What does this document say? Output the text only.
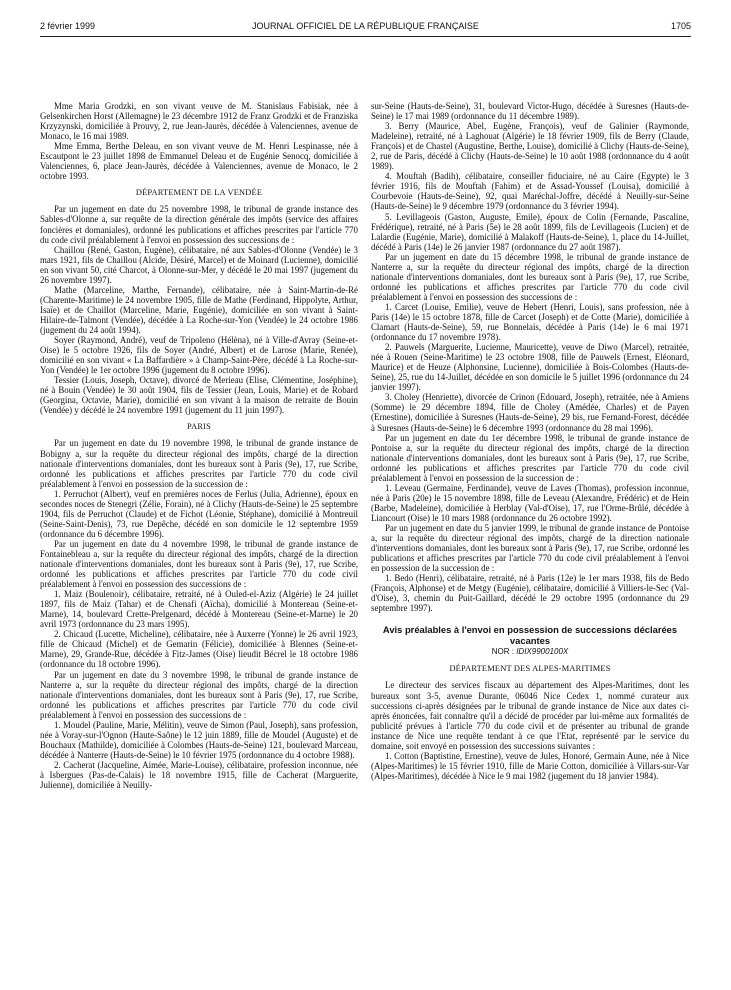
2 février 1999	JOURNAL OFFICIEL DE LA RÉPUBLIQUE FRANÇAISE	1705

Mme Maria Grodzki, en son vivant veuve de M. Stanislaus Fabisiak, née à Gelsenkirchen Horst (Allemagne) le 23 décembre 1912 de Franz Grodzki et de Franziska Krzyzynski, domiciliée à Prouvy, 2, rue Jean-Jaurès, décédée à Valenciennes, avenue de Monaco, le 16 mai 1989.

Mme Emma, Berthe Deleau, en son vivant veuve de M. Henri Lespinasse, née à Escautpont le 23 juillet 1898 de Emmanuel Deleau et de Eugénie Senocq, domiciliée à Valenciennes, 6, place Jean-Jaurès, décédée à Valenciennes, avenue de Monaco, le 2 octobre 1993.

DÉPARTEMENT DE LA VENDÉE

Par un jugement en date du 25 novembre 1998, le tribunal de grande instance des Sables-d'Olonne a, sur requête de la direction générale des impôts (service des affaires foncières et domaniales), ordonné les publications et affiches prescrites par l'article 770 du code civil préalablement à l'envoi en possession des successions de :

Chaillou (René, Gaston, Eugène), célibataire, né aux Sables-d'Olonne (Vendée) le 3 mars 1921, fils de Chaillou (Alcide, Désiré, Marcel) et de Moinard (Lucienne), domicilié en son vivant 50, cité Charcot, à Olonne-sur-Mer, y décédé le 20 mai 1997 (jugement du 26 novembre 1997).

Mathe (Marceline, Marthe, Fernande), célibataire, née à Saint-Martin-de-Ré (Charente-Maritime) le 24 novembre 1905, fille de Mathe (Ferdinand, Hippolyte, Arthur, Isaïe) et de Chaillot (Marceline, Marie, Eugénie), domiciliée en son vivant à Saint-Hilaire-de-Talmont (Vendée), décédée à La Roche-sur-Yon (Vendée) le 24 octobre 1986 (jugement du 24 août 1994).

Soyer (Raymond, André), veuf de Tripoleno (Hélèna), né à Ville-d'Avray (Seine-et-Oise) le 5 octobre 1926, fils de Soyer (André, Albert) et de Larose (Marie, Renée), domicilié en son vivant « La Baffardière » à Champ-Saint-Père, décédé à La Roche-sur-Yon (Vendée) le 1er octobre 1996 (jugement du 8 octobre 1996).

Tessier (Louis, Joseph, Octave), divorcé de Merieau (Elise, Clémentine, Joséphine), né à Bouin (Vendée) le 30 août 1904, fils de Tessier (Jean, Louis, Marie) et de Robard (Georgina, Octavie, Marie), domicilié en son vivant à la maison de retraite de Bouin (Vendée) y décédé le 24 novembre 1991 (jugement du 11 juin 1997).

PARIS

Par un jugement en date du 19 novembre 1998, le tribunal de grande instance de Bobigny a, sur la requête du directeur régional des impôts, chargé de la direction nationale d'interventions domaniales, dont les bureaux sont à Paris (9e), 17, rue Scribe, ordonné les publications et affiches prescrites par l'article 770 du code civil préalablement à l'envoi en possession de la succession de :

1. Perruchot (Albert), veuf en premières noces de Ferlus (Julia, Adrienne), époux en secondes noces de Stenegri (Zélie, Forain), né à Clichy (Hauts-de-Seine) le 25 septembre 1904, fils de Perruchot (Claude) et de Fichot (Léonie, Stéphane), domicilié à Montreuil (Seine-Saint-Denis), 73, rue Depêche, décédé en son domicile le 12 septembre 1959 (ordonnance du 6 décembre 1996).

Par un jugement en date du 4 novembre 1998, le tribunal de grande instance de Fontainebleau a, sur la requête du directeur régional des impôts, chargé de la direction nationale d'interventions domaniales, dont les bureaux sont à Paris (9e), 17, rue Scribe, ordonné les publications et affiches prescrites par l'article 770 du code civil préalablement à l'envoi en possession des successions de :

1. Maiz (Boulenoir), célibataire, retraité, né à Ouled-el-Aziz (Algérie) le 24 juillet 1897, fils de Maiz (Tahar) et de Chenafi (Aïcha), domicilié à Montereau (Seine-et-Marne), 14, boulevard Crette-Prelgenard, décédé à Montereau (Seine-et-Marne) le 20 avril 1973 (ordonnance du 23 mars 1995).

2. Chicaud (Lucette, Micheline), célibataire, née à Auxerre (Yonne) le 26 avril 1923, fille de Chicaud (Michel) et de Gemarin (Félicie), domiciliée à Blennes (Seine-et-Marne), 29, Grande-Rue, décédée à Fitz-James (Oise) lieudit Bécrel le 18 octobre 1986 (ordonnance du 18 octobre 1996).

Par un jugement en date du 3 novembre 1998, le tribunal de grande instance de Nanterre a, sur la requête du directeur régional des impôts, chargé de la direction nationale d'interventions domaniales, dont les bureaux sont à Paris (9e), 17, rue Scribe, ordonné les publications et affiches prescrites par l'article 770 du code civil préalablement à l'envoi en possession des successions de :

1. Moudel (Pauline, Marie, Mélitin), veuve de Simon (Paul, Joseph), sans profession, née à Voray-sur-l'Ognon (Haute-Saône) le 12 juin 1889, fille de Moudel (Auguste) et de Bouchaux (Mathilde), domiciliée à Colombes (Hauts-de-Seine) 121, boulevard Marceau, décédée à Nanterre (Hauts-de-Seine) le 10 février 1975 (ordonnance du 4 octobre 1988).

2. Cacherat (Jacqueline, Aimée, Marie-Louise), célibataire, profession inconnue, née à Isbergues (Pas-de-Calais) le 18 novembre 1915, fille de Cacherat (Marguerite, Julienne), domiciliée à Neuilly-

sur-Seine (Hauts-de-Seine), 31, boulevard Victor-Hugo, décédée à Suresnes (Hauts-de-Seine) le 17 mai 1989 (ordonnance du 11 décembre 1989).

3. Berry (Maurice, Abel, Eugène, François), veuf de Galinier (Raymonde, Madeleine), retraité, né à Laghouat (Algérie) le 18 février 1909, fils de Berry (Claude, François) et de Chastel (Augustine, Berthe, Louise), domicilié à Clichy (Hauts-de-Seine), 2, rue de Paris, décédé à Clichy (Hauts-de-Seine) le 10 août 1988 (ordonnance du 4 août 1989).

4. Mouftah (Badih), célibataire, conseiller fiduciaire, né au Caire (Egypte) le 3 février 1916, fils de Mouftah (Fahim) et de Assad-Youssef (Louisa), domicilié à Courbevoie (Hauts-de-Seine), 92, quai Maréchal-Joffre, décédé à Neuilly-sur-Seine (Hauts-de-Seine) le 9 décembre 1979 (ordonnance du 3 février 1994).

5. Levillageois (Gaston, Auguste, Emile), époux de Colin (Fernande, Pascaline, Frédérique), retraité, né à Paris (5e) le 28 août 1899, fils de Levillageois (Lucien) et de Lalardie (Eugénie, Marie), domicilié à Malakoff (Hauts-de-Seine), 1, place du 14-Juillet, décédé à Paris (14e) le 26 janvier 1987 (ordonnance du 27 août 1987).

Par un jugement en date du 15 décembre 1998, le tribunal de grande instance de Nanterre a, sur la requête du directeur régional des impôts, chargé de la direction nationale d'interventions domaniales, dont les bureaux sont à Paris (9e), 17, rue Scribe, ordonné les publications et affiches prescrites par l'article 770 du code civil préalablement à l'envoi en possession des successions de :

1. Carcet (Louise, Emilie), veuve de Hebert (Henri, Louis), sans profession, née à Paris (14e) le 15 octobre 1878, fille de Carcet (Joseph) et de Cotte (Marie), domiciliée à Clamart (Hauts-de-Seine), 59, rue Bonnelais, décédée à Paris (14e) le 6 mai 1971 (ordonnance du 17 novembre 1978).

2. Pauwels (Marguerite, Lucienne, Mauricette), veuve de Diwo (Marcel), retraitée, née à Rouen (Seine-Maritime) le 23 octobre 1908, fille de Pauwels (Ernest, Eléonard, Maurice) et de Heuze (Alphonsine, Lucienne), domiciliée à Bois-Colombes (Hauts-de-Seine), 25, rue du 14-Juillet, décédée en son domicile le 5 juillet 1996 (ordonnance du 24 janvier 1997).

3. Choley (Henriette), divorcée de Crinon (Edouard, Joseph), retraitée, née à Amiens (Somme) le 29 décembre 1894, fille de Choley (Amédée, Charles) et de Payen (Ernestine), domiciliée à Suresnes (Hauts-de-Seine), 29 bis, rue Fernand-Forest, décédée à Suresnes (Hauts-de-Seine) le 6 décembre 1993 (ordonnance du 28 mai 1996).

Par un jugement en date du 1er décembre 1998, le tribunal de grande instance de Pontoise a, sur la requête du directeur régional des impôts, chargé de la direction nationale d'interventions domaniales, dont les bureaux sont à Paris (9e), 17, rue Scribe, ordonné les publications et affiches prescrites par l'article 770 du code civil préalablement à l'envoi en possession de la succession de :

1. Leveau (Germaine, Ferdinande), veuve de Laves (Thomas), profession inconnue, née à Paris (20e) le 15 novembre 1898, fille de Leveau (Alexandre, Frédéric) et de Hein (Barbe, Madeleine), domiciliée à Herblay (Val-d'Oise), 17, rue l'Orme-Brûlé, décédée à Liancourt (Oise) le 10 mars 1988 (ordonnance du 26 octobre 1992).

Par un jugement en date du 5 janvier 1999, le tribunal de grande instance de Pontoise a, sur la requête du directeur régional des impôts, chargé de la direction nationale d'interventions domaniales, dont les bureaux sont à Paris (9e), 17, rue Scribe, ordonné les publications et affiches prescrites par l'article 770 du code civil préalablement à l'envoi en possession de la succession de :

1. Bedo (Henri), célibataire, retraité, né à Paris (12e) le 1er mars 1938, fils de Bedo (François, Alphonse) et de Metgy (Eugénie), célibataire, domicilié à Villiers-le-Sec (Val-d'Oise), 3, chemin du Puit-Gaillard, décédé le 29 octobre 1995 (ordonnance du 29 septembre 1997).

Avis préalables à l'envoi en possession de successions déclarées vacantes
NOR : IDIX9900100X

DÉPARTEMENT DES ALPES-MARITIMES

Le directeur des services fiscaux au département des Alpes-Maritimes, dont les bureaux sont 3-5, avenue Durante, 06046 Nice Cedex 1, nommé curateur aux successions ci-après désignées par le tribunal de grande instance de Nice aux dates ci-après énoncées, fait connaître qu'il a décidé de procéder par lui-même aux formalités de publicité prévues à l'article 770 du code civil et de présenter au tribunal de grande instance de Nice une requête tendant à ce que l'Etat, représenté par le service du domaine, soit envoyé en possession des successions suivantes :

1. Cotton (Baptistine, Ernestine), veuve de Jules, Honoré, Germain Aune, née à Nice (Alpes-Maritimes) le 15 février 1910, fille de Marie Cotton, domiciliée à Villars-sur-Var (Alpes-Maritimes), décédée à Nice le 9 mai 1982 (jugement du 18 janvier 1984).
